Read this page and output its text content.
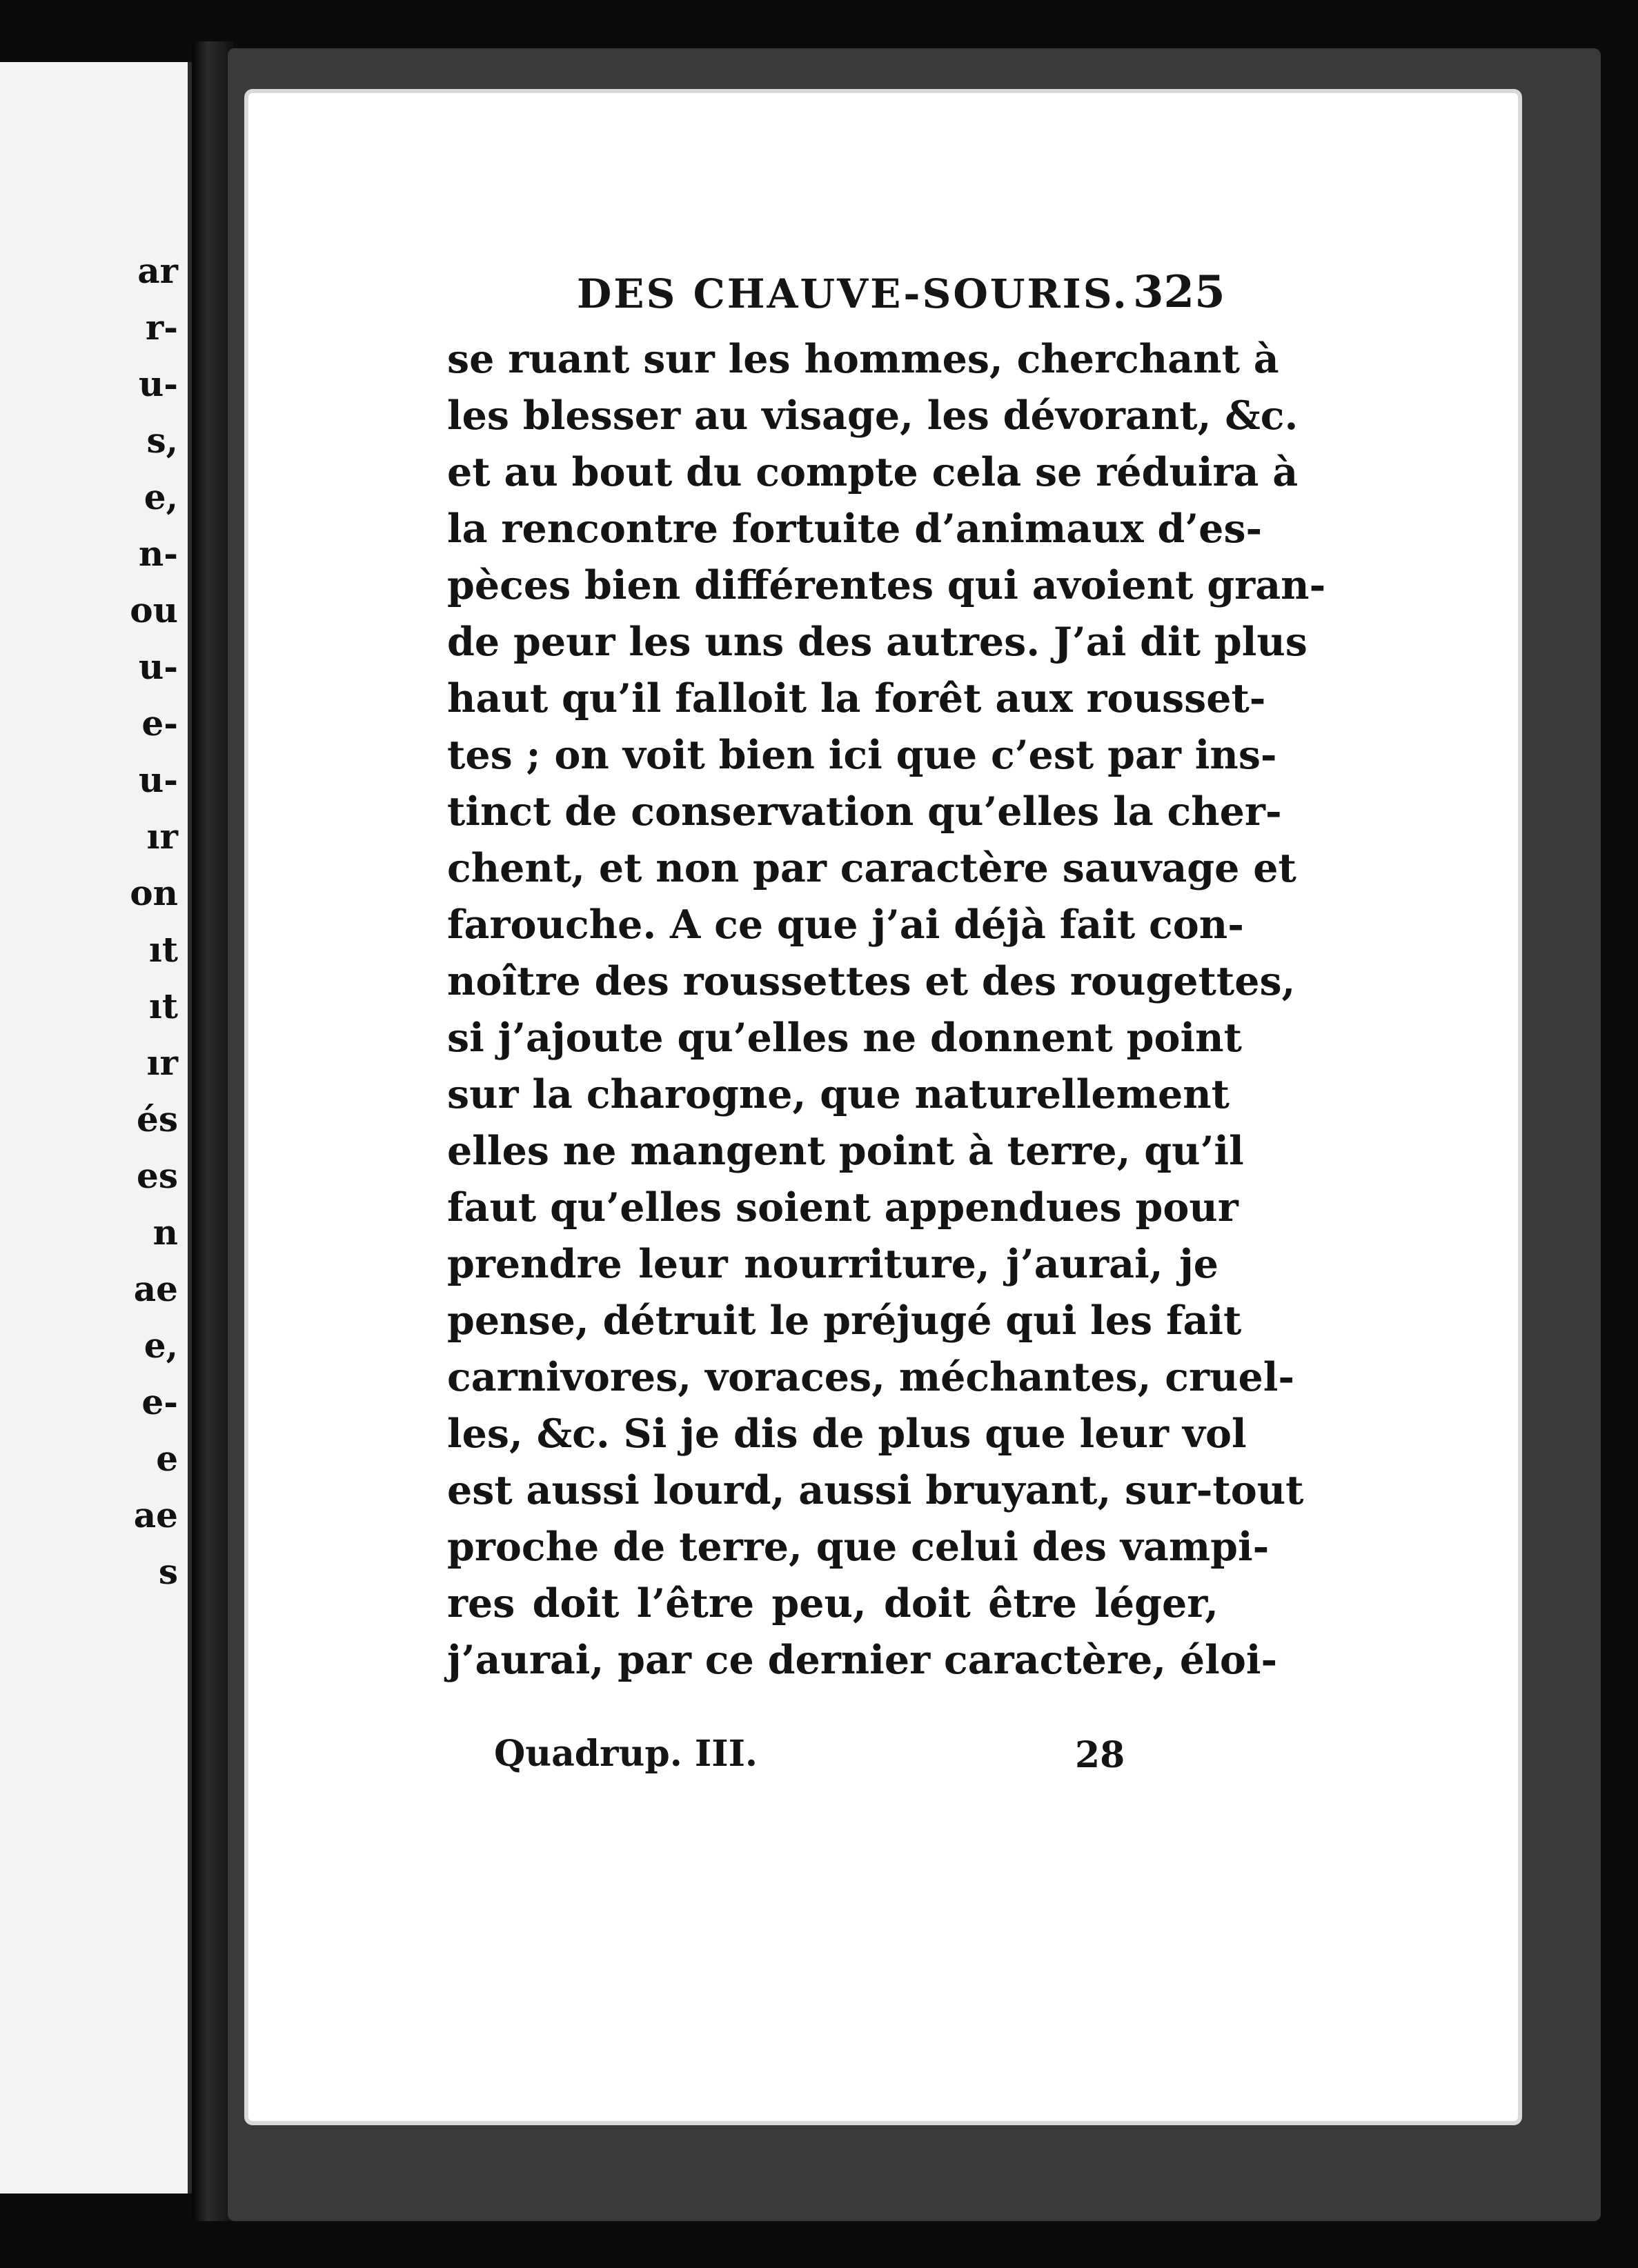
ar
r-
u-
s,
e,
n-
ou
u-
e-
u-
ır
on
ıt
ıt
ır
és
es
n
ae
e,
e-
e
ae
s
DES CHAUVE-SOURIS. 325
se ruant sur les hommes, cherchant à
les blesser au visage, les dévorant, &c.
et au bout du compte cela se réduira à
la rencontre fortuite d’animaux d’es-
pèces bien différentes qui avoient gran-
de peur les uns des autres. J’ai dit plus
haut qu’il falloit la forêt aux rousset-
tes ; on voit bien ici que c’est par ins-
tinct de conservation qu’elles la cher-
chent, et non par caractère sauvage et
farouche. A ce que j’ai déjà fait con-
noître des roussettes et des rougettes,
si j’ajoute qu’elles ne donnent point
sur la charogne, que naturellement
elles ne mangent point à terre, qu’il
faut qu’elles soient appendues pour
prendre leur nourriture, j’aurai, je
pense, détruit le préjugé qui les fait
carnivores, voraces, méchantes, cruel-
les, &c. Si je dis de plus que leur vol
est aussi lourd, aussi bruyant, sur-tout
proche de terre, que celui des vampi-
res doit l’être peu, doit être léger,
j’aurai, par ce dernier caractère, éloi-
Quadrup. III.	28
